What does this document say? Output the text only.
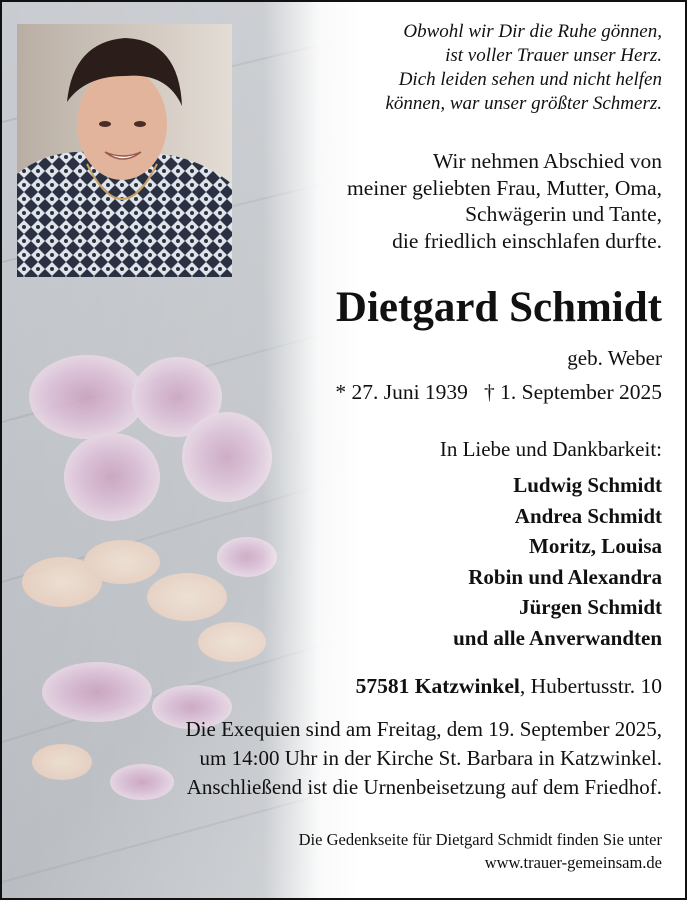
Obwohl wir Dir die Ruhe gönnen,
ist voller Trauer unser Herz.
Dich leiden sehen und nicht helfen
können, war unser größter Schmerz.
Wir nehmen Abschied von
meiner geliebten Frau, Mutter, Oma,
Schwägerin und Tante,
die friedlich einschlafen durfte.
Dietgard Schmidt
geb. Weber
* 27. Juni 1939 † 1. September 2025
In Liebe und Dankbarkeit:
Ludwig Schmidt
Andrea Schmidt
Moritz, Louisa
Robin und Alexandra
Jürgen Schmidt
und alle Anverwandten
57581 Katzwinkel, Hubertusstr. 10
Die Exequien sind am Freitag, dem 19. September 2025,
um 14:00 Uhr in der Kirche St. Barbara in Katzwinkel.
Anschließend ist die Urnenbeisetzung auf dem Friedhof.
Die Gedenkseite für Dietgard Schmidt finden Sie unter
www.trauer-gemeinsam.de
